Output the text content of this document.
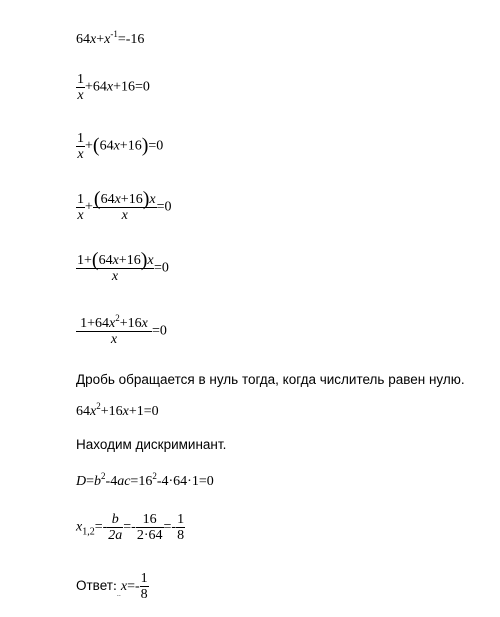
$64x+x^{-1}=-16$
$\frac{1}{x} +64x+16=0$
$\frac{1}{x} +(64x+16)=0$
$\frac{1}{x} + \frac{(64x+16)x}{x} =0$
$\frac{1+(64x+16)x}{x} =0$
$\frac{1+64x^2+16x}{x} =0$
Дробь обращается в нуль тогда, когда числитель равен нулю.
$64x^2+16x+1=0$
Находим дискриминант.
$D=b^2-4ac=16^2-4\cdot 64\cdot 1=0$
$x_{1,2}=- \frac{b}{2a} =- \frac{16}{2\cdot 64} =- \frac{1}{8}$
$Ответ:_{..}x=- \frac{1}{8}$
